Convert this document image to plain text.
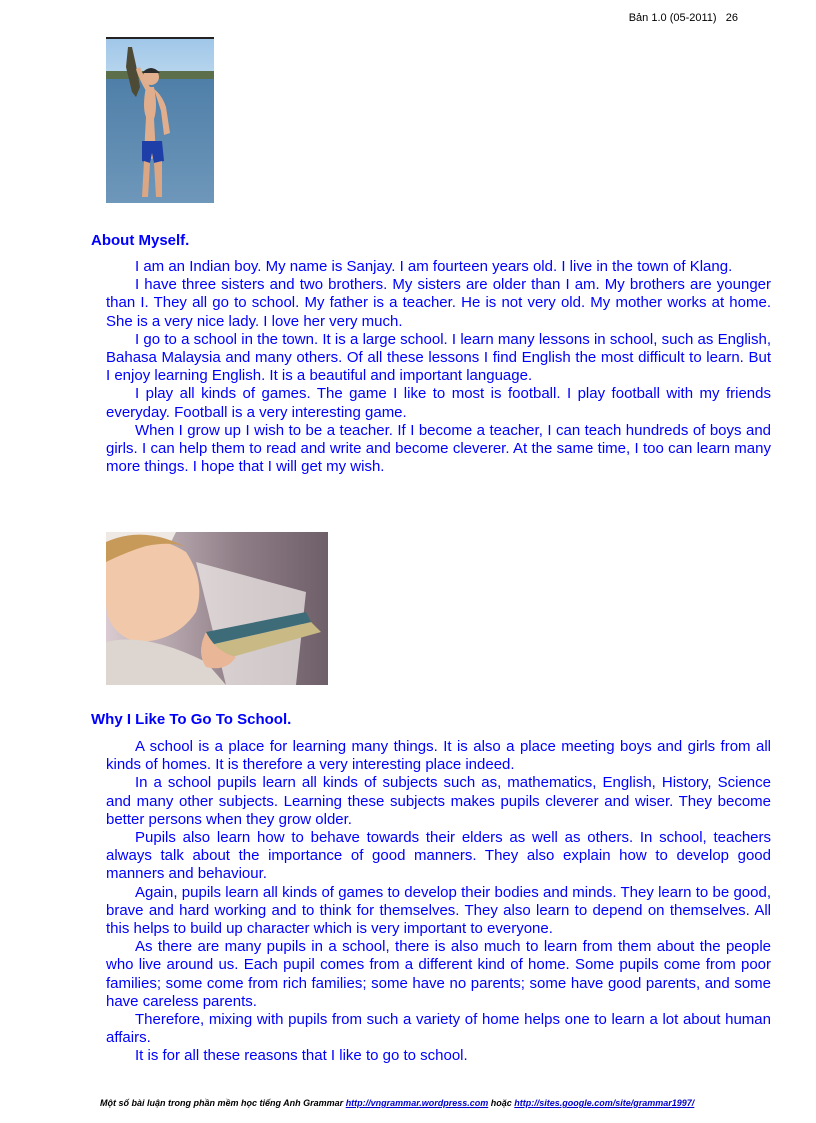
Bản 1.0 (05-2011) 26
About Myself.

I am an Indian boy. My name is Sanjay. I am fourteen years old. I live in the town of Klang.

I have three sisters and two brothers. My sisters are older than I am. My brothers are younger than I. They all go to school. My father is a teacher. He is not very old. My mother works at home. She is a very nice lady. I love her very much.

I go to a school in the town. It is a large school. I learn many lessons in school, such as English, Bahasa Malaysia and many others. Of all these lessons I find English the most difficult to learn. But I enjoy learning English. It is a beautiful and important language.

I play all kinds of games. The game I like to most is football. I play football with my friends everyday. Football is a very interesting game.

When I grow up I wish to be a teacher. If I become a teacher, I can teach hundreds of boys and girls. I can help them to read and write and become cleverer. At the same time, I too can learn many more things. I hope that I will get my wish.

Why I Like To Go To School.

A school is a place for learning many things. It is also a place meeting boys and girls from all kinds of homes. It is therefore a very interesting place indeed.

In a school pupils learn all kinds of subjects such as, mathematics, English, History, Science and many other subjects. Learning these subjects makes pupils cleverer and wiser. They become better persons when they grow older.

Pupils also learn how to behave towards their elders as well as others. In school, teachers always talk about the importance of good manners. They also explain how to develop good manners and behaviour.

Again, pupils learn all kinds of games to develop their bodies and minds. They learn to be good, brave and hard working and to think for themselves. They also learn to depend on themselves. All this helps to build up character which is very important to everyone.

As there are many pupils in a school, there is also much to learn from them about the people who live around us. Each pupil comes from a different kind of home. Some pupils come from poor families; some come from rich families; some have no parents; some have good parents, and some have careless parents.

Therefore, mixing with pupils from such a variety of home helps one to learn a lot about human affairs.

It is for all these reasons that I like to go to school.

Một số bài luận trong phần mềm học tiếng Anh Grammar http://vngrammar.wordpress.com hoặc http://sites.google.com/site/grammar1997/
